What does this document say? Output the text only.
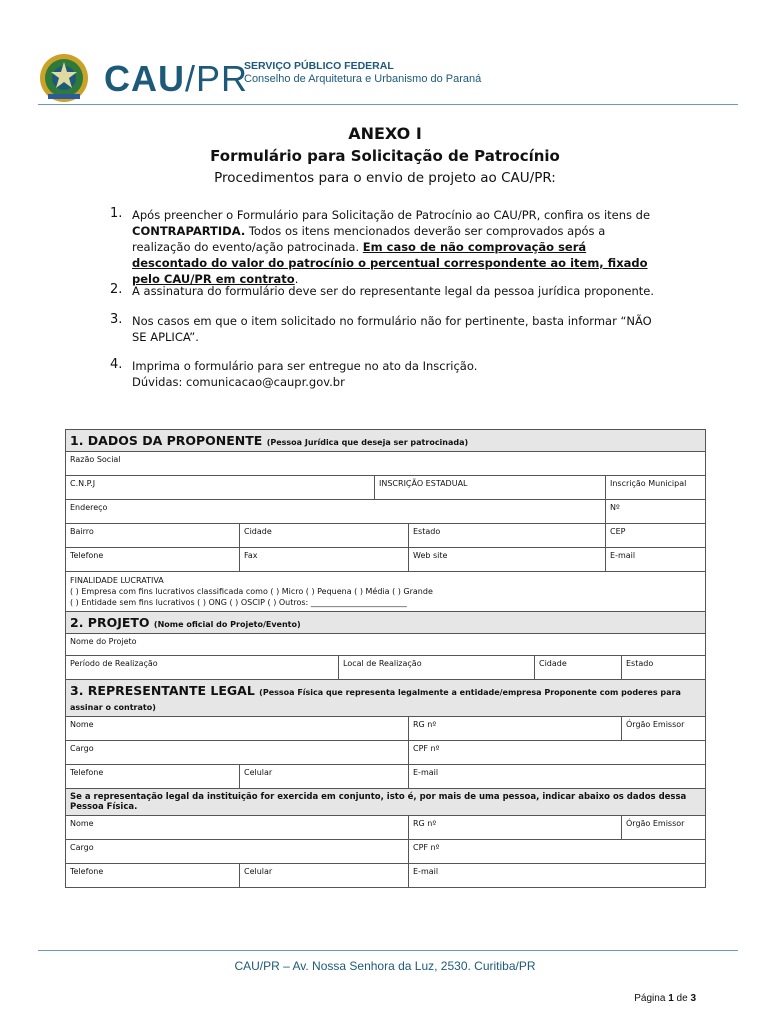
CAU/PR
SERVIÇO PÚBLICO FEDERAL
Conselho de Arquitetura e Urbanismo do Paraná
ANEXO I
Formulário para Solicitação de Patrocínio
Procedimentos para o envio de projeto ao CAU/PR:
1. Após preencher o Formulário para Solicitação de Patrocínio ao CAU/PR, confira os itens de CONTRAPARTIDA. Todos os itens mencionados deverão ser comprovados após a realização do evento/ação patrocinada. Em caso de não comprovação será descontado do valor do patrocínio o percentual correspondente ao item, fixado pelo CAU/PR em contrato.
2. A assinatura do formulário deve ser do representante legal da pessoa jurídica proponente.
3. Nos casos em que o item solicitado no formulário não for pertinente, basta informar “NÃO SE APLICA”.
4. Imprima o formulário para ser entregue no ato da Inscrição.
Dúvidas: comunicacao@caupr.gov.br
1. DADOS DA PROPONENTE (Pessoa Jurídica que deseja ser patrocinada)							
Razão Social							
C.N.P.J			INSCRIÇÃO ESTADUAL			Inscrição Municipal	
Endereço						Nº	
Bairro	Cidade			Estado		CEP	
Telefone	Fax			Web site		E-mail	

FINALIDADE LUCRATIVA
( ) Empresa com fins lucrativos classificada como ( ) Micro ( ) Pequena ( ) Média ( ) Grande
( ) Entidade sem fins lucrativos ( ) ONG ( ) OSCIP ( ) Outros: ________________________							

2. PROJETO (Nome oficial do Projeto/Evento)							
Nome do Projeto							
Período de Realização		Local de Realização			Cidade		Estado
3. REPRESENTANTE LEGAL (Pessoa Física que representa legalmente a entidade/empresa Proponente com poderes para assinar o contrato)							
Nome				RG nº			Órgão Emissor
Cargo				CPF nº			
Telefone	Celular			E-mail			
Se a representação legal da instituição for exercida em conjunto, isto é, por mais de uma pessoa, indicar abaixo os dados dessa Pessoa Física.							
Nome				RG nº			Órgão Emissor
Cargo				CPF nº			
Telefone	Celular			E-mail			
CAU/PR – Av. Nossa Senhora da Luz, 2530. Curitiba/PR
Página 1 de 3
